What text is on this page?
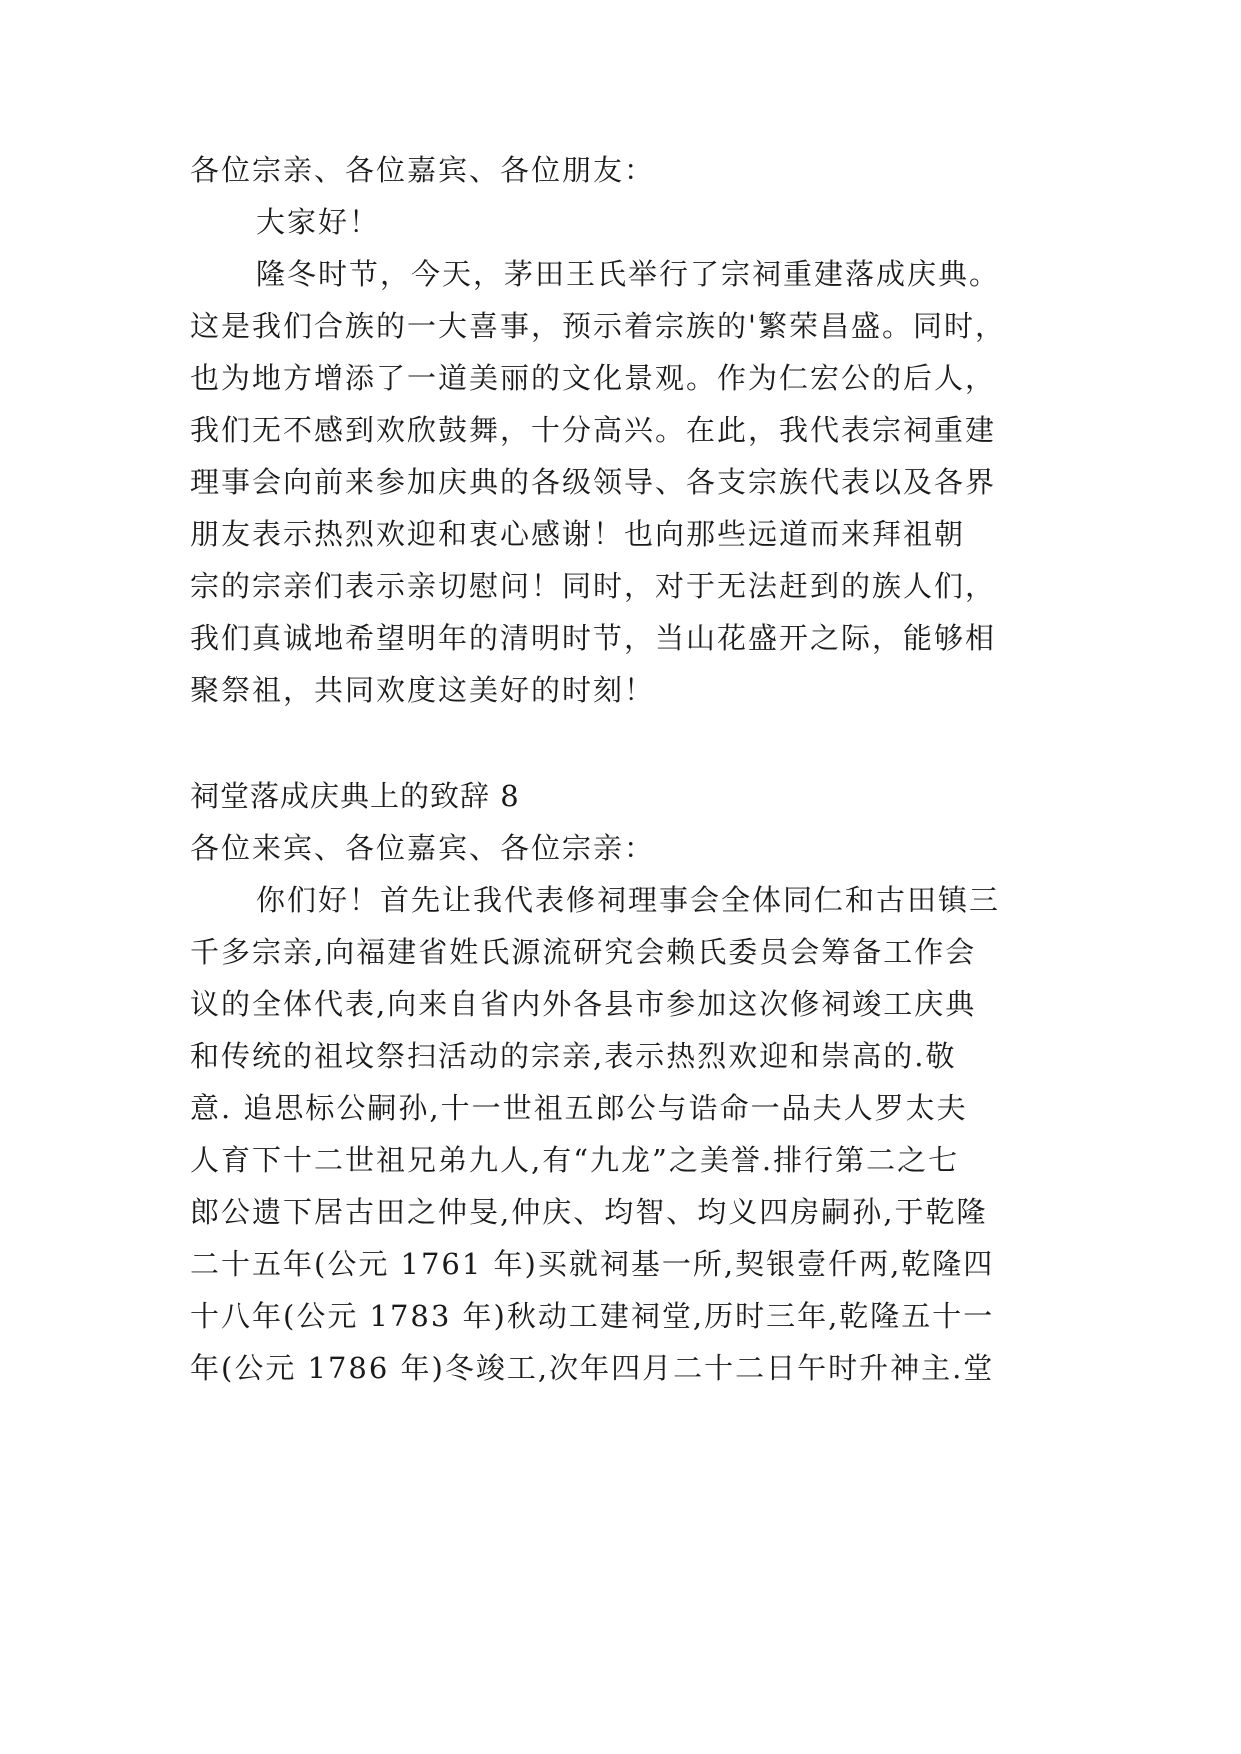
各位宗亲、各位嘉宾、各位朋友：
大家好！
隆冬时节，今天，茅田王氏举行了宗祠重建落成庆典。
这是我们合族的一大喜事，预示着宗族的'繁荣昌盛。同时，
也为地方增添了一道美丽的文化景观。作为仁宏公的后人，
我们无不感到欢欣鼓舞，十分高兴。在此，我代表宗祠重建
理事会向前来参加庆典的各级领导、各支宗族代表以及各界
朋友表示热烈欢迎和衷心感谢！也向那些远道而来拜祖朝
宗的宗亲们表示亲切慰问！同时，对于无法赶到的族人们，
我们真诚地希望明年的清明时节，当山花盛开之际，能够相
聚祭祖，共同欢度这美好的时刻！
祠堂落成庆典上的致辞 8
各位来宾、各位嘉宾、各位宗亲：
你们好！首先让我代表修祠理事会全体同仁和古田镇三
千多宗亲,向福建省姓氏源流研究会赖氏委员会筹备工作会
议的全体代表,向来自省内外各县市参加这次修祠竣工庆典
和传统的祖坟祭扫活动的宗亲,表示热烈欢迎和崇高的.敬
意. 追思标公嗣孙,十一世祖五郎公与诰命一品夫人罗太夫
人育下十二世祖兄弟九人,有“九龙”之美誉.排行第二之七
郎公遗下居古田之仲旻,仲庆、均智、均义四房嗣孙,于乾隆
二十五年(公元 1761 年)买就祠基一所,契银壹仟两,乾隆四
十八年(公元 1783 年)秋动工建祠堂,历时三年,乾隆五十一
年(公元 1786 年)冬竣工,次年四月二十二日午时升神主.堂
